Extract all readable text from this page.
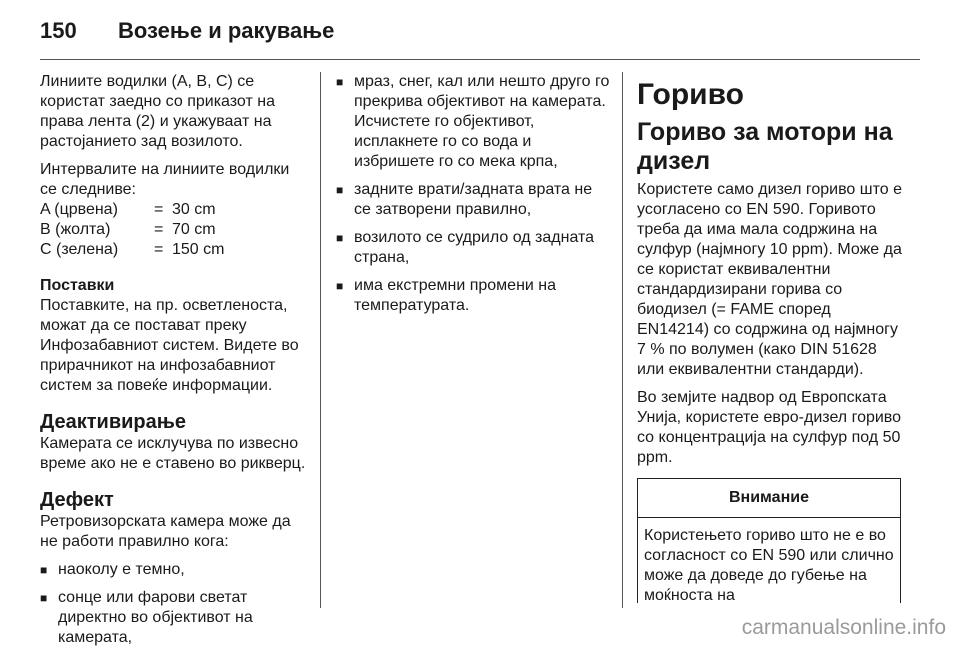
150 Возење и ракување

Линиите водилки (A, B, C) се користат заедно со приказот на права лента (2) и укажуваат на растојанието зад возилото.

Интервалите на линиите водилки се следниве:

A (црвена)	=	30 cm
B (жолта)	=	70 cm
C (зелена)	=	150 cm
Поставки

Поставките, на пр. осветленоста, можат да се постават преку Инфозабавниот систем. Видете во прирачникот на инфозабавниот систем за повеќе информации.

Деактивирање

Камерата се исклучува по извесно време ако не е ставено во рикверц.

Дефект

Ретровизорската камера може да не работи правилно кога:

■ наоколу е темно,
■ сонце или фарови светат директно во објективот на камерата,
■ мраз, снег, кал или нешто друго го прекрива објективот на камерата. Исчистете го објективот, исплакнете го со вода и избришете го со мека крпа,
■ задните врати/задната врата не се затворени правилно,
■ возилото се судрило од задната страна,
■ има екстремни промени на температурата.
Гориво
Гориво за мотори на дизел

Користете само дизел гориво што е усогласено со EN 590. Горивото треба да има мала содржина на сулфур (најмногу 10 ppm). Може да се користат еквивалентни стандардизирани горива со биодизел (= FAME според EN14214) со содржина од најмногу 7 % по волумен (како DIN 51628 или еквивалентни стандарди).

Во земјите надвор од Европската Унија, користете евро-дизел гориво со концентрација на сулфур под 50 ppm.

Внимание
Користењето гориво што не е во согласност со EN 590 или слично може да доведе до губење на моќноста на
carmanualsonline.info
